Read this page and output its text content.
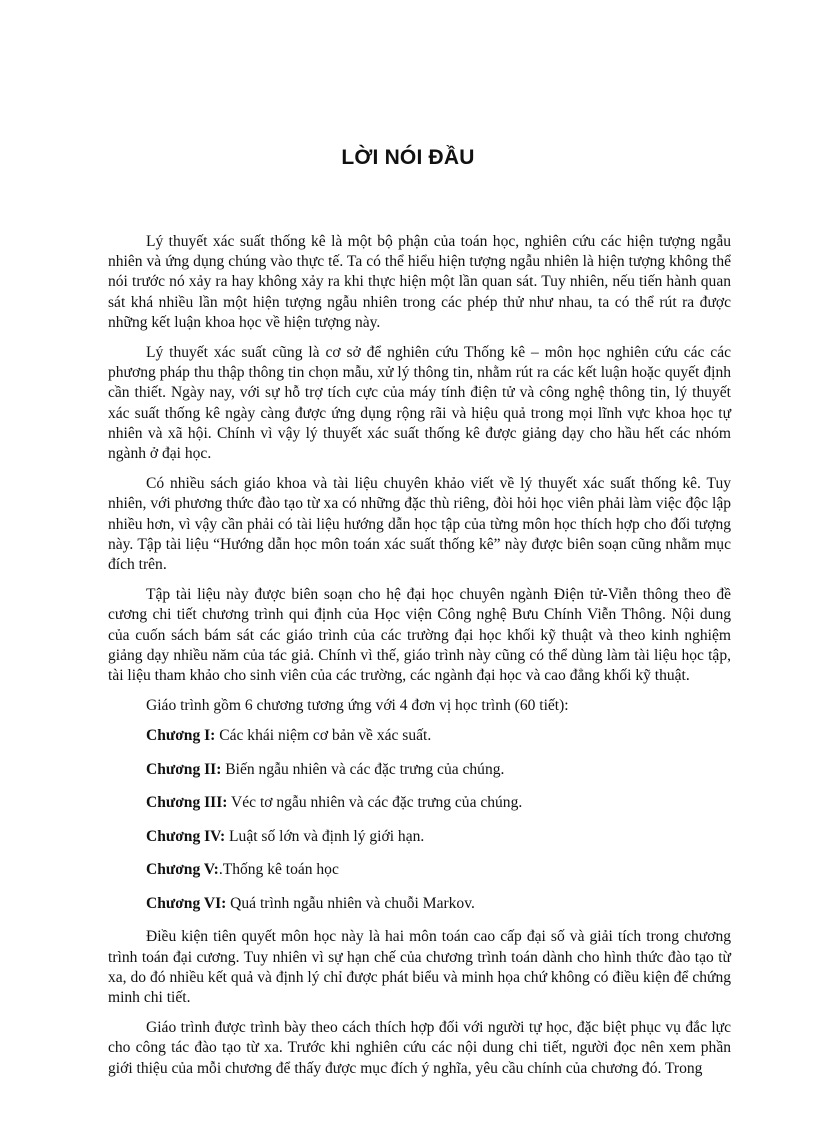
LỜI NÓI ĐẦU

Lý thuyết xác suất thống kê là một bộ phận của toán học, nghiên cứu các hiện tượng ngẫu nhiên và ứng dụng chúng vào thực tế. Ta có thể hiểu hiện tượng ngẫu nhiên là hiện tượng không thể nói trước nó xảy ra hay không xảy ra khi thực hiện một lần quan sát. Tuy nhiên, nếu tiến hành quan sát khá nhiều lần một hiện tượng ngẫu nhiên trong các phép thử như nhau, ta có thể rút ra được những kết luận khoa học về hiện tượng này.

Lý thuyết xác suất cũng là cơ sở để nghiên cứu Thống kê – môn học nghiên cứu các các phương pháp thu thập thông tin chọn mẫu, xử lý thông tin, nhằm rút ra các kết luận hoặc quyết định cần thiết. Ngày nay, với sự hỗ trợ tích cực của máy tính điện tử và công nghệ thông tin, lý thuyết xác suất thống kê ngày càng được ứng dụng rộng rãi và hiệu quả trong mọi lĩnh vực khoa học tự nhiên và xã hội. Chính vì vậy lý thuyết xác suất thống kê được giảng dạy cho hầu hết các nhóm ngành ở đại học.

Có nhiều sách giáo khoa và tài liệu chuyên khảo viết về lý thuyết xác suất thống kê. Tuy nhiên, với phương thức đào tạo từ xa có những đặc thù riêng, đòi hỏi học viên phải làm việc độc lập nhiều hơn, vì vậy cần phải có tài liệu hướng dẫn học tập của từng môn học thích hợp cho đối tượng này. Tập tài liệu “Hướng dẫn học môn toán xác suất thống kê” này được biên soạn cũng nhằm mục đích trên.

Tập tài liệu này được biên soạn cho hệ đại học chuyên ngành Điện tử-Viễn thông theo đề cương chi tiết chương trình qui định của Học viện Công nghệ Bưu Chính Viễn Thông. Nội dung của cuốn sách bám sát các giáo trình của các trường đại học khối kỹ thuật và theo kinh nghiệm giảng dạy nhiều năm của tác giả. Chính vì thế, giáo trình này cũng có thể dùng làm tài liệu học tập, tài liệu tham khảo cho sinh viên của các trường, các ngành đại học và cao đẳng khối kỹ thuật.

Giáo trình gồm 6 chương tương ứng với 4 đơn vị học trình (60 tiết):

Chương I: Các khái niệm cơ bản về xác suất.

Chương II: Biến ngẫu nhiên và các đặc trưng của chúng.

Chương III: Véc tơ ngẫu nhiên và các đặc trưng của chúng.

Chương IV: Luật số lớn và định lý giới hạn.

Chương V:.Thống kê toán học

Chương VI: Quá trình ngẫu nhiên và chuỗi Markov.

Điều kiện tiên quyết môn học này là hai môn toán cao cấp đại số và giải tích trong chương trình toán đại cương. Tuy nhiên vì sự hạn chế của chương trình toán dành cho hình thức đào tạo từ xa, do đó nhiều kết quả và định lý chỉ được phát biểu và minh họa chứ không có điều kiện để chứng minh chi tiết.

Giáo trình được trình bày theo cách thích hợp đối với người tự học, đặc biệt phục vụ đắc lực cho công tác đào tạo từ xa. Trước khi nghiên cứu các nội dung chi tiết, người đọc nên xem phần giới thiệu của mỗi chương để thấy được mục đích ý nghĩa, yêu cầu chính của chương đó. Trong
